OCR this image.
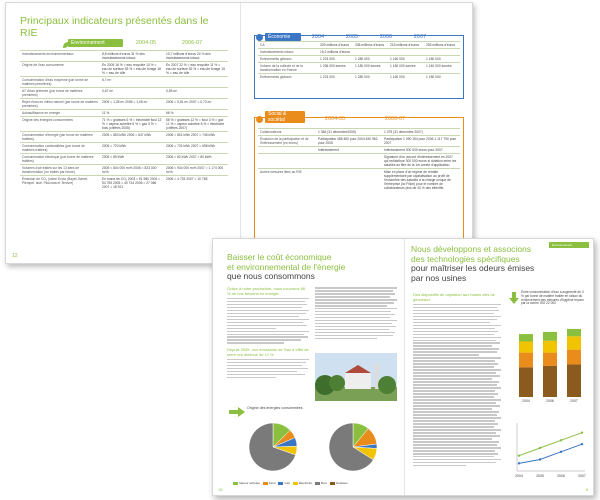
Principaux indicateurs présentés dans le RIE
12
Environnement	2004-05	2006-07
Investissements environnementaux	8,6 millions d'euros 31 % des investissements totaux	10,7 millions d'euros 24 % des investissements totaux
Origine de l'eau consommée	En 2005 16 % = eau recyclée 13 % = eau de surface 53 % = eau de forage 18 % = eau de ville	En 2007 22 % = eau recyclée 11 % = eau de surface 52 % = eau de forage 15 % = eau de ville
Consommation d'eau moyenne (par tonne de matières premières)	5,7 m³	
AT d'eau prélevée (par tonne de matières premières)	0,67 m³	0,55 m³
Rejet d'eau en milieu naturel (par tonne de matières premières)	2005 = 1,28 m³ 2006 = 1,06 m³	2006 = 0,81 m³ 2007 = 0,73 m³
Autosuffisance en énergie	11 %	66 %
Origine des énergies consommées	71 % = graisses 6 % = électricité fioul 13 % = vapeur achetée 6 % = gaz 3 % = bois (chiffres 2005)	66 % = graisses 12 % = fioul 3 % = gaz 11 % = vapeur achetée 8 % = électricité (chiffres 2007)
Consommation d'énergie (par tonne de matières traitées)	2005 = 853 kWh 2006 = 847 kWh	2006 = 801 kWh 2007 = 745 kWh
Consommation combustibles (par tonne de matières traitées)	2005 = 720 kWh	2006 = 731 kWh 2007 = 698 kWh
Consommation électrique (par tonne de matières traitées)	2005 = 89 kWh	2006 = 82 kWh 2007 = 80 kWh
Volumes d'air traités sur les 13 sites de transformation (m³ traités par heure)	2005 = 804 000 m³/h 2006 = 823 000 m³/h	2006 = 934 000 m³/h 2007 = 1 174 000 m³/h
Émission de CO₂ (usine Ecolo (Bayet, Benet, Plempel, Issé, Plouvara et Tervure)	En tonne de CO₂ 2003 = 51 980 2004 = 54 755 2005 = 40 744 2006 = 27 066 2007 = 18 921	2006 = 4 725 2007 = 10 785
Économie	2004	2005	2006	2007
CA	329 millions d'euros	338 millions d'euros	216 millions d'euros	253 millions d'euros
Investissements totaux	15,2 millions d'euros			
Enlèvements globaux	1 223 000	1 280 000	1 160 000	1 180 000
Volume de la collecte et de la transformation en France	1 236 000 tonnes	1 180 000 tonnes	1 180 000 tonnes	1 240 000 tonnes
Enlèvements globaux	1 223 000	1 280 000	1 160 000	1 180 000
Social & sociétal	2004-05	2006-07
Collaborateurs	1 384 (31 décembre2005)	1 375 (31 décembre 2007)
Évolution de la participation et de l'intéressement (en euros)	Participation 488 450 pour 2004 630 962 pour 2005	Participation 1 090 154 pour 2006 1 117 790 pour 2007
	Intéressement	Intéressement 300 000 euros pour 2007
		Signature d'un accord d'intéressement en 2007 qui redistribue 300 000 euros si dotation entre les salariés au titre de la 1re année d'application.
Autres mesures liées au RIE		Mise en place d'un régime de retraite supplémentaire par capitalisation au profit de l'ensemble des salariés à la charge unique de l'entreprise (loi Fillon) pour le nombre de collaborateurs plus de 40 % des effectifs.
Environnement
Baisser le coût économique
et environnemental de l'énergie
que nous consommons
Grâce à notre production, nous couvrons 66 % de nos besoins en énergie
Depuis 2005, nos émissions de Gaz à effet de serre ont diminué de 12 %
Origine des énergies consommées
Vapeur achetée	Fioul	Gaz	Électricité	Bois	Graisses
15
Nous développons et associons
des technologies spécifiques
pour maîtriser les odeurs émises
par nos usines
Des dispositifs de captation aux bases clés de géoceaux
Entre consommation d'eau a augmenté de 3 % par tonne de matière traitée en raison du renforcement des mesures d'hygiène reçues par la norme ISO 22 000
2004	2006	2007
2004	2005	2006	2007
9
